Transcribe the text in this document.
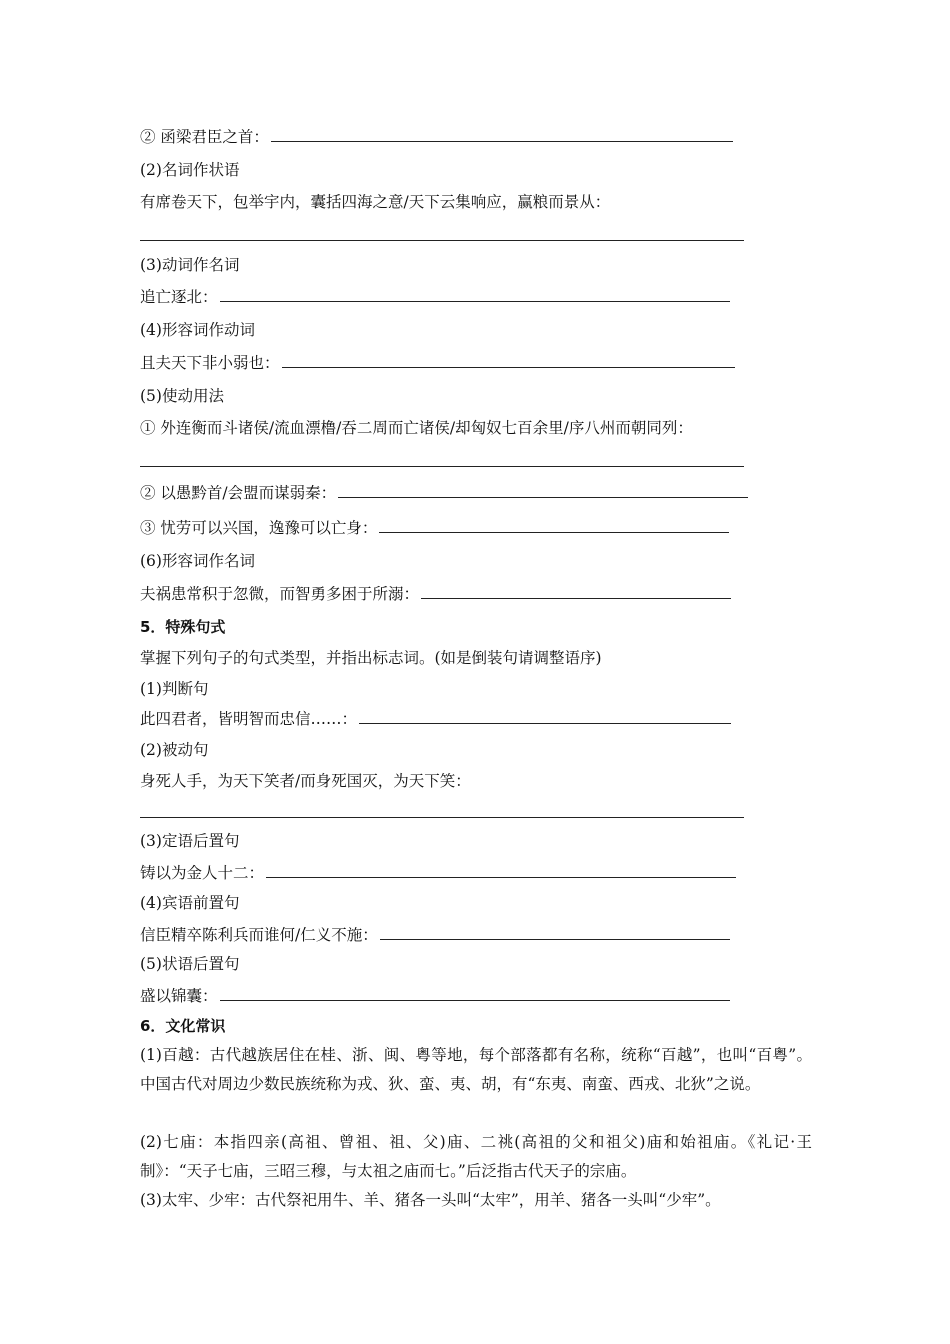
② 函梁君臣之首：
(2)名词作状语
有席卷天下，包举宇内，囊括四海之意/天下云集响应，赢粮而景从：
(3)动词作名词
追亡逐北：
(4)形容词作动词
且夫天下非小弱也：
(5)使动用法
① 外连衡而斗诸侯/流血漂橹/吞二周而亡诸侯/却匈奴七百余里/序八州而朝同列：
② 以愚黔首/会盟而谋弱秦：
③ 忧劳可以兴国，逸豫可以亡身：
(6)形容词作名词
夫祸患常积于忽微，而智勇多困于所溺：
5．特殊句式
掌握下列句子的句式类型，并指出标志词。(如是倒装句请调整语序)
(1)判断句
此四君者，皆明智而忠信……：
(2)被动句
身死人手，为天下笑者/而身死国灭，为天下笑：
(3)定语后置句
铸以为金人十二：
(4)宾语前置句
信臣精卒陈利兵而谁何/仁义不施：
(5)状语后置句
盛以锦囊：
6．文化常识
(1)百越：古代越族居住在桂、浙、闽、粤等地，每个部落都有名称，统称“百越”，也叫“百粤”。中国古代对周边少数民族统称为戎、狄、蛮、夷、胡，有“东夷、南蛮、西戎、北狄”之说。
(2)七庙：本指四亲(高祖、曾祖、祖、父)庙、二祧(高祖的父和祖父)庙和始祖庙。《礼记·王制》：“天子七庙，三昭三穆，与太祖之庙而七。”后泛指古代天子的宗庙。
(3)太牢、少牢：古代祭祀用牛、羊、猪各一头叫“太牢”，用羊、猪各一头叫“少牢”。
